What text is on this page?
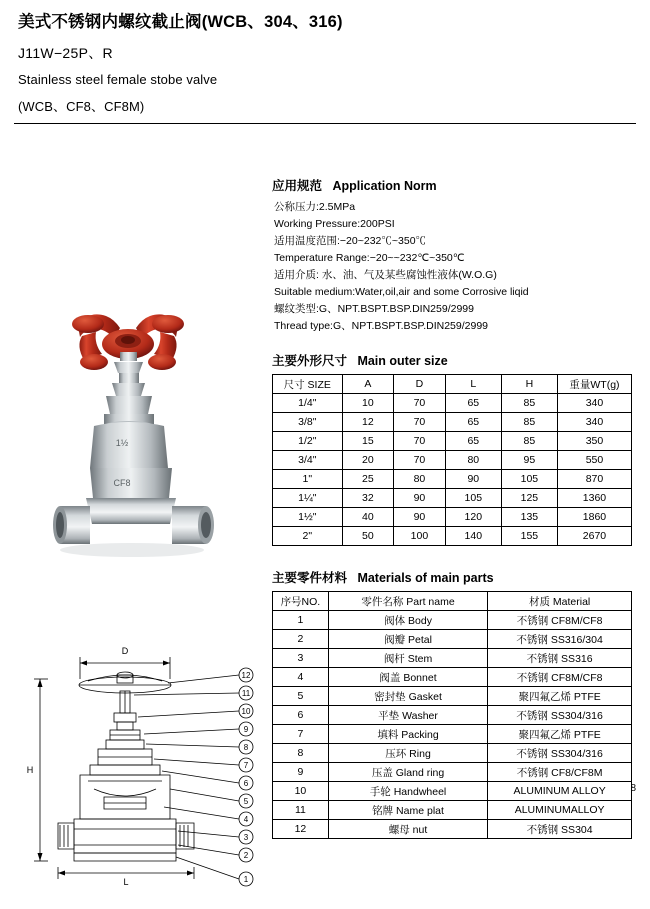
美式不锈钢内螺纹截止阀(WCB、304、316)
J11W−25P、R
Stainless steel female stobe valve
(WCB、CF8、CF8M)
1½
CF8
D
H
L
12
11
10
9
8
7
6
5
4
3
2
1
应用规范 Application Norm
公称压力:2.5MPa
Working Pressure:200PSI
适用温度范围:−20~232℃~350℃
Temperature Range:−20~~232℃~350℃
适用介质: 水、油、气及某些腐蚀性液体(W.O.G)
Suitable medium:Water,oil,air and some Corrosive liqid
螺纹类型:G、NPT.BSPT.BSP.DIN259/2999
Thread type:G、NPT.BSPT.BSP.DIN259/2999
主要外形尺寸 Main outer size
尺寸 SIZE	A	D	L	H	重量WT(g)
1/4"	10	70	65	85	340
3/8"	12	70	65	85	340
1/2"	15	70	65	85	350
3/4"	20	70	80	95	550
1"	25	80	90	105	870
1¼"	32	90	105	125	1360
1½"	40	90	120	135	1860
2"	50	100	140	155	2670
主要零件材料 Materials of main parts
序号NO.	零件名称 Part name	材质 Material
1	阀体 Body	不锈钢 CF8M/CF8
2	阀瓣 Petal	不锈钢 SS316/304
3	阀杆 Stem	不锈钢 SS316
4	阀盖 Bonnet	不锈钢 CF8M/CF8
5	密封垫 Gasket	聚四氟乙烯 PTFE
6	平垫 Washer	不锈钢 SS304/316
7	填料 Packing	聚四氟乙烯 PTFE
8	压环 Ring	不锈钢 SS304/316
9	压盖 Gland ring	不锈钢 CF8/CF8M
10	手轮 Handwheel	ALUMINUM ALLOY
11	铭牌 Name plat	ALUMINUMALLOY
12	螺母 nut	不锈钢 SS304
8
